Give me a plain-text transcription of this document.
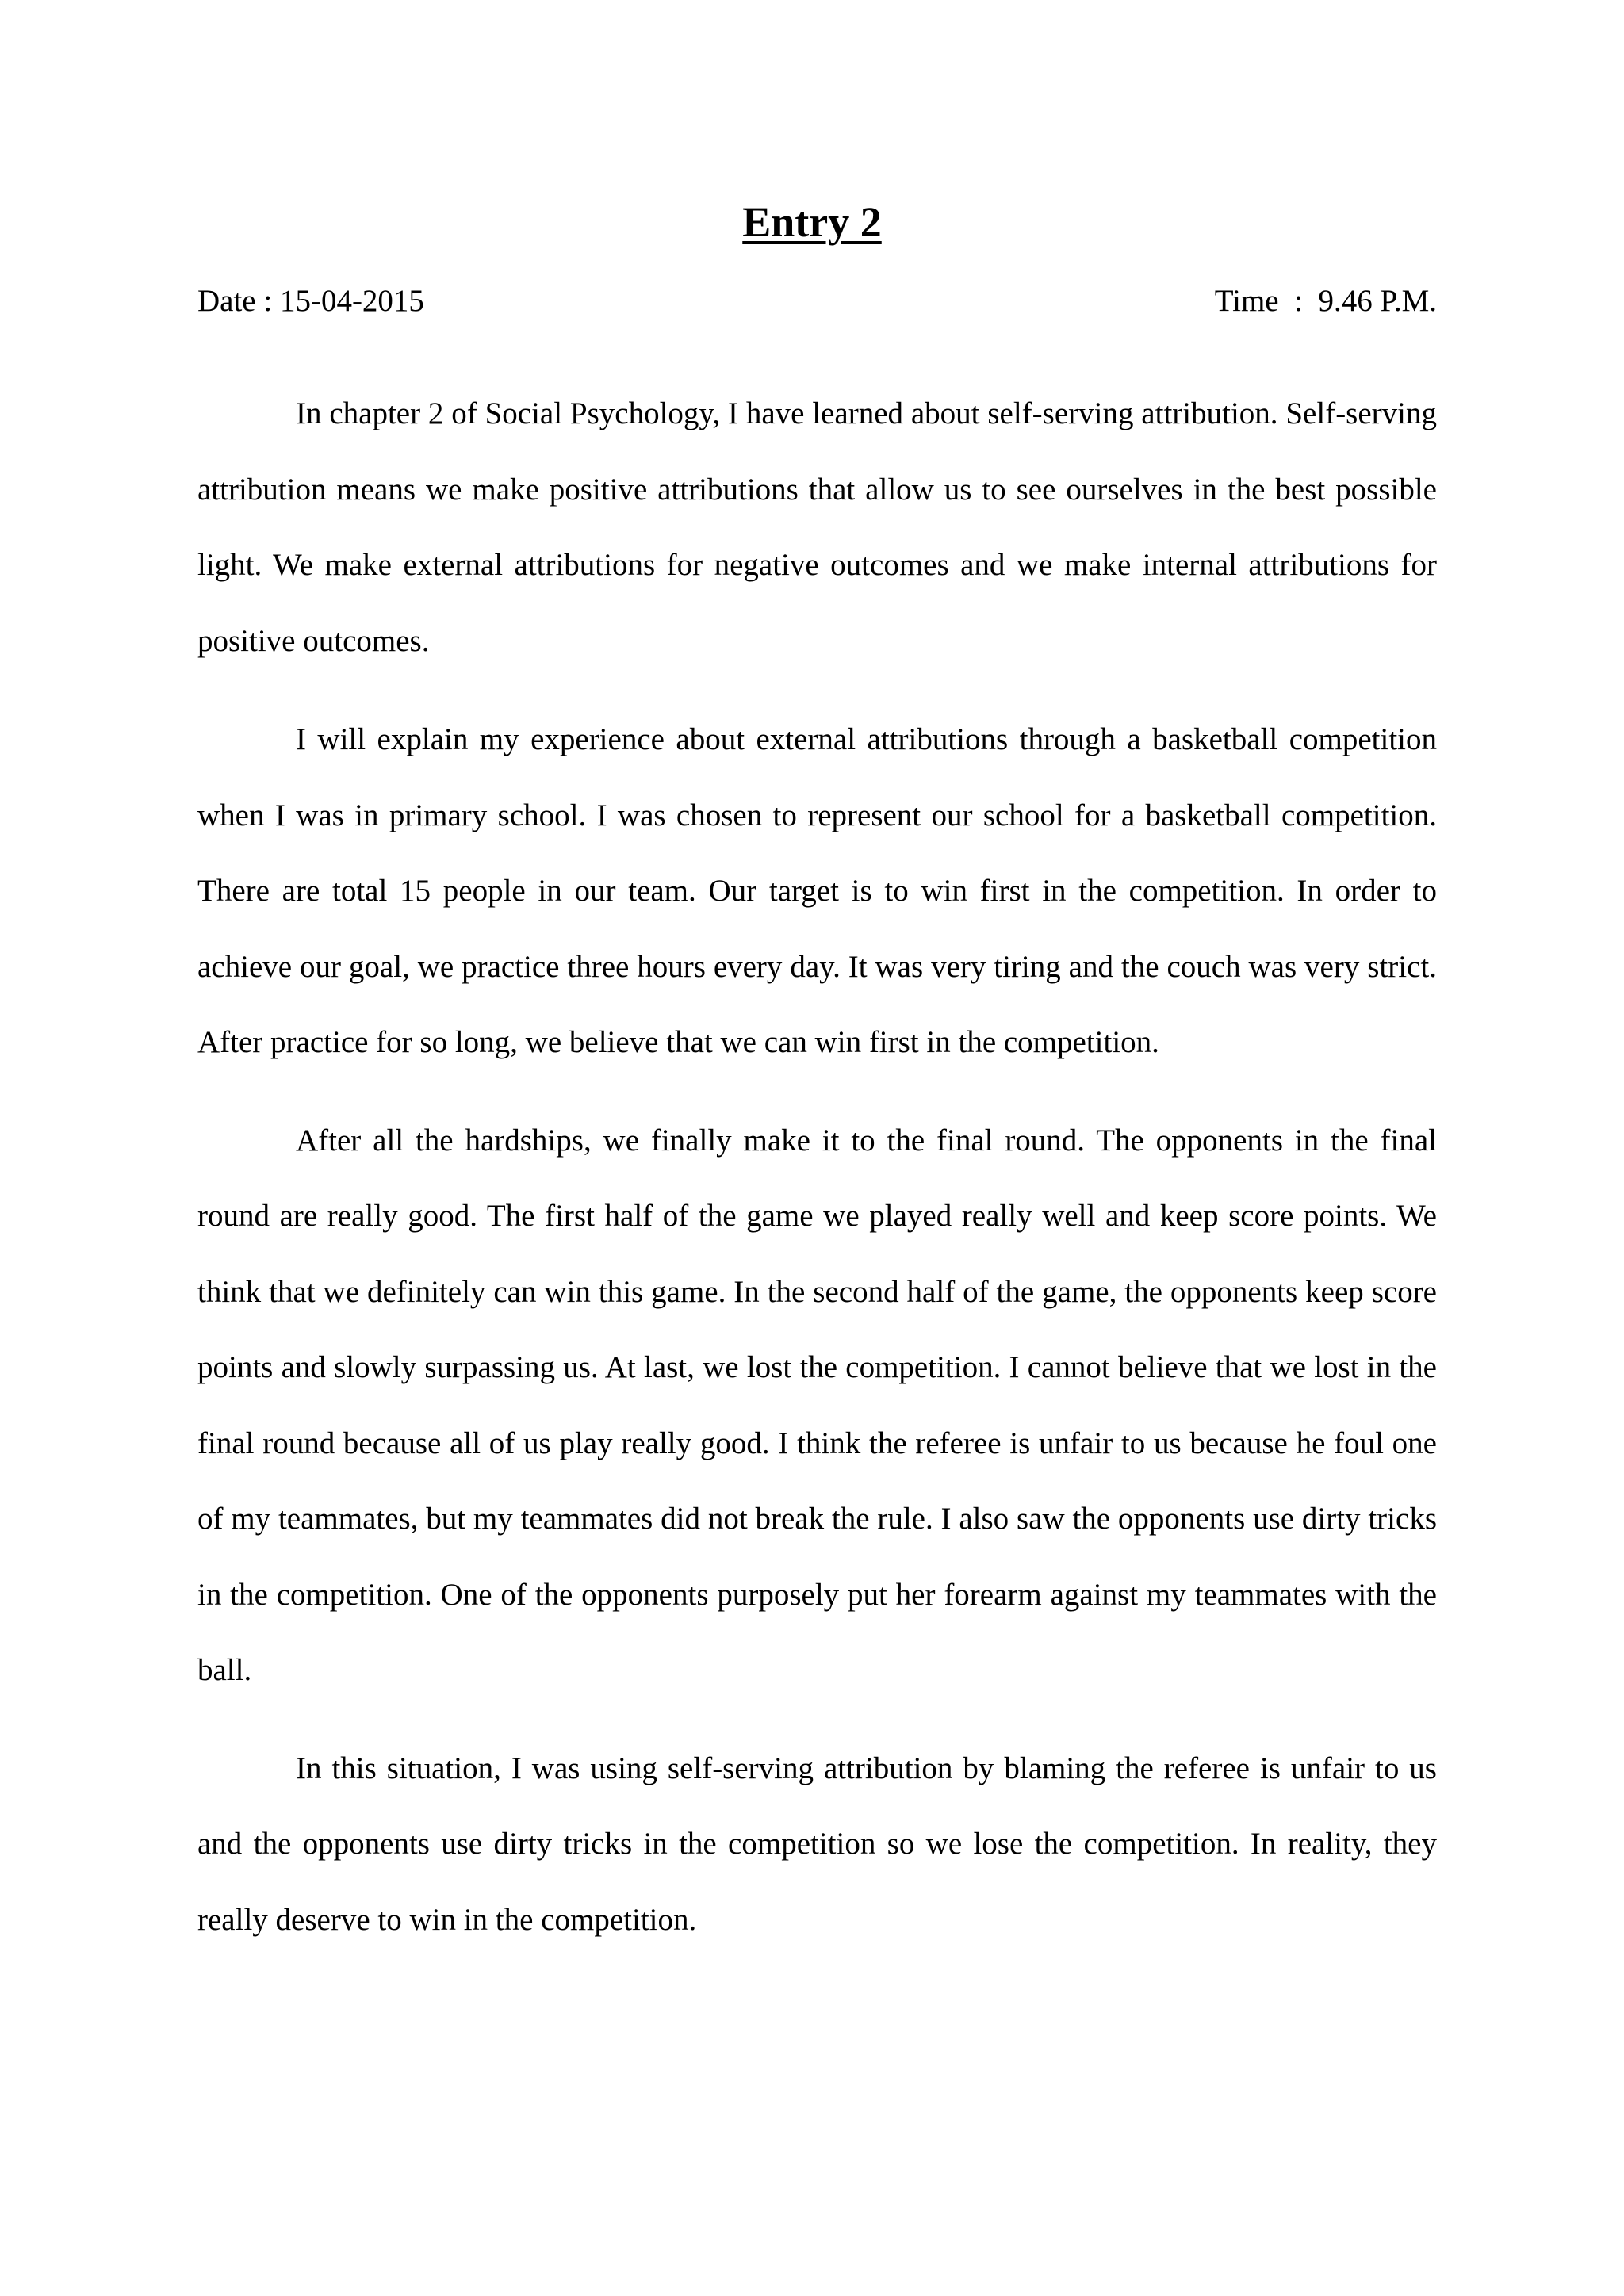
Entry 2
Date : 15-04-2015	Time  :  9.46 P.M.

In chapter 2 of Social Psychology, I have learned about self-serving attribution. Self-serving attribution means we make positive attributions that allow us to see ourselves in the best possible light. We make external attributions for negative outcomes and we make internal attributions for positive outcomes.

I will explain my experience about external attributions through a basketball competition when I was in primary school. I was chosen to represent our school for a basketball competition. There are total 15 people in our team. Our target is to win first in the competition. In order to achieve our goal, we practice three hours every day. It was very tiring and the couch was very strict. After practice for so long, we believe that we can win first in the competition.

After all the hardships, we finally make it to the final round. The opponents in the final round are really good. The first half of the game we played really well and keep score points. We think that we definitely can win this game. In the second half of the game, the opponents keep score points and slowly surpassing us. At last, we lost the competition. I cannot believe that we lost in the final round because all of us play really good. I think the referee is unfair to us because he foul one of my teammates, but my teammates did not break the rule. I also saw the opponents use dirty tricks in the competition. One of the opponents purposely put her forearm against my teammates with the ball.

In this situation, I was using self-serving attribution by blaming the referee is unfair to us and the opponents use dirty tricks in the competition so we lose the competition. In reality, they really deserve to win in the competition.
